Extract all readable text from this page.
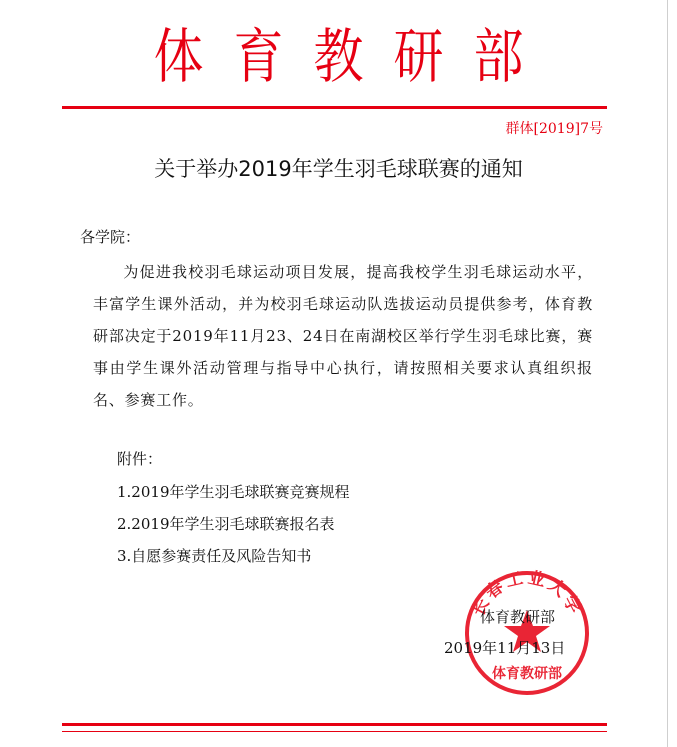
体育教研部
群体[2019]7号
关于举办2019年学生羽毛球联赛的通知
各学院：
为促进我校羽毛球运动项目发展，提高我校学生羽毛球运动水平，丰富学生课外活动，并为校羽毛球运动队选拔运动员提供参考，体育教研部决定于2019年11月23、24日在南湖校区举行学生羽毛球比赛，赛事由学生课外活动管理与指导中心执行，请按照相关要求认真组织报名、参赛工作。
附件：
1.2019年学生羽毛球联赛竞赛规程
2.2019年学生羽毛球联赛报名表
3.自愿参赛责任及风险告知书
长春工业大学
体育教研部
体育教研部
2019年11月13日
